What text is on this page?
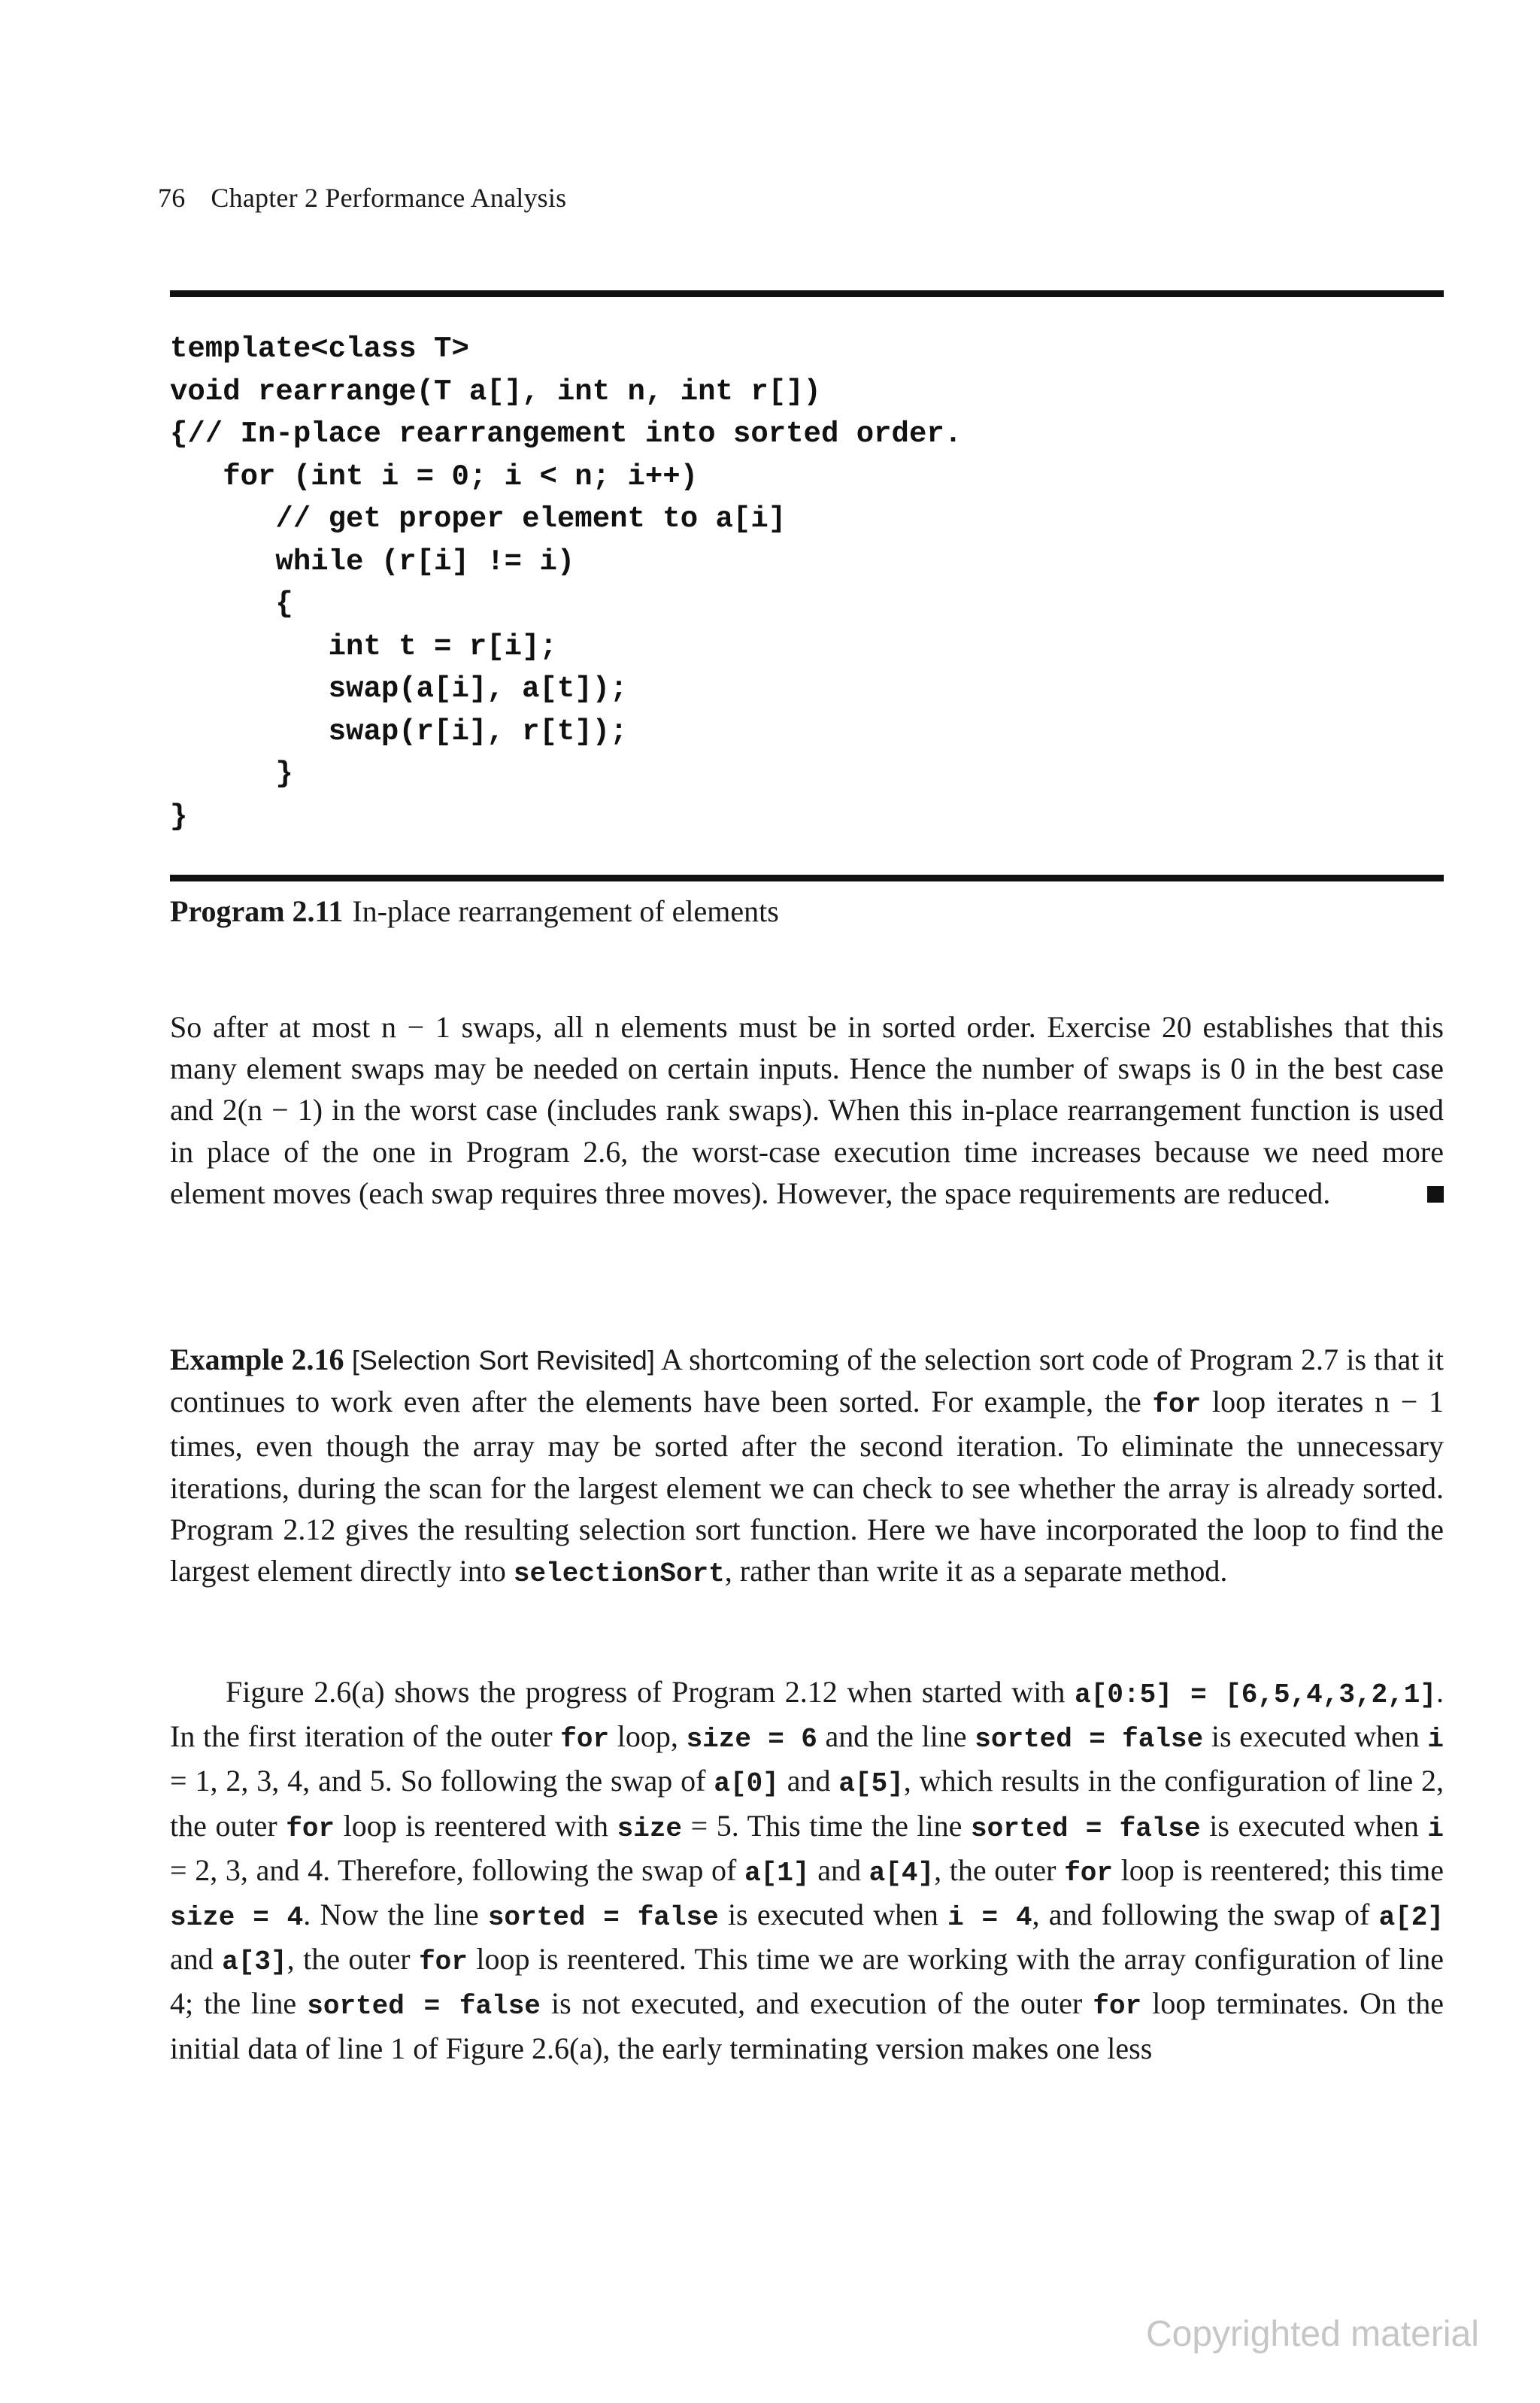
76 Chapter 2 Performance Analysis
template<class T>
void rearrange(T a[], int n, int r[])
{// In-place rearrangement into sorted order.
for (int i = 0; i < n; i++)
// get proper element to a[i]
while (r[i] != i)
{
int t = r[i];
swap(a[i], a[t]);
swap(r[i], r[t]);
}
}
Program 2.11 In-place rearrangement of elements

So after at most n − 1 swaps, all n elements must be in sorted order. Exercise 20 establishes that this many element swaps may be needed on certain inputs. Hence the number of swaps is 0 in the best case and 2(n − 1) in the worst case (includes rank swaps). When this in-place rearrangement function is used in place of the one in Program 2.6, the worst-case execution time increases because we need more element moves (each swap requires three moves). However, the space requirements are reduced.

Example 2.16 [Selection Sort Revisited] A shortcoming of the selection sort code of Program 2.7 is that it continues to work even after the elements have been sorted. For example, the for loop iterates n − 1 times, even though the array may be sorted after the second iteration. To eliminate the unnecessary iterations, during the scan for the largest element we can check to see whether the array is already sorted. Program 2.12 gives the resulting selection sort function. Here we have incorporated the loop to find the largest element directly into selectionSort, rather than write it as a separate method.

Figure 2.6(a) shows the progress of Program 2.12 when started with a[0:5] = [6,5,4,3,2,1]. In the first iteration of the outer for loop, size = 6 and the line sorted = false is executed when i = 1, 2, 3, 4, and 5. So following the swap of a[0] and a[5], which results in the configuration of line 2, the outer for loop is reentered with size = 5. This time the line sorted = false is executed when i = 2, 3, and 4. Therefore, following the swap of a[1] and a[4], the outer for loop is reentered; this time size = 4. Now the line sorted = false is executed when i = 4, and following the swap of a[2] and a[3], the outer for loop is reentered. This time we are working with the array configuration of line 4; the line sorted = false is not executed, and execution of the outer for loop terminates. On the initial data of line 1 of Figure 2.6(a), the early terminating version makes one less

Copyrighted material
